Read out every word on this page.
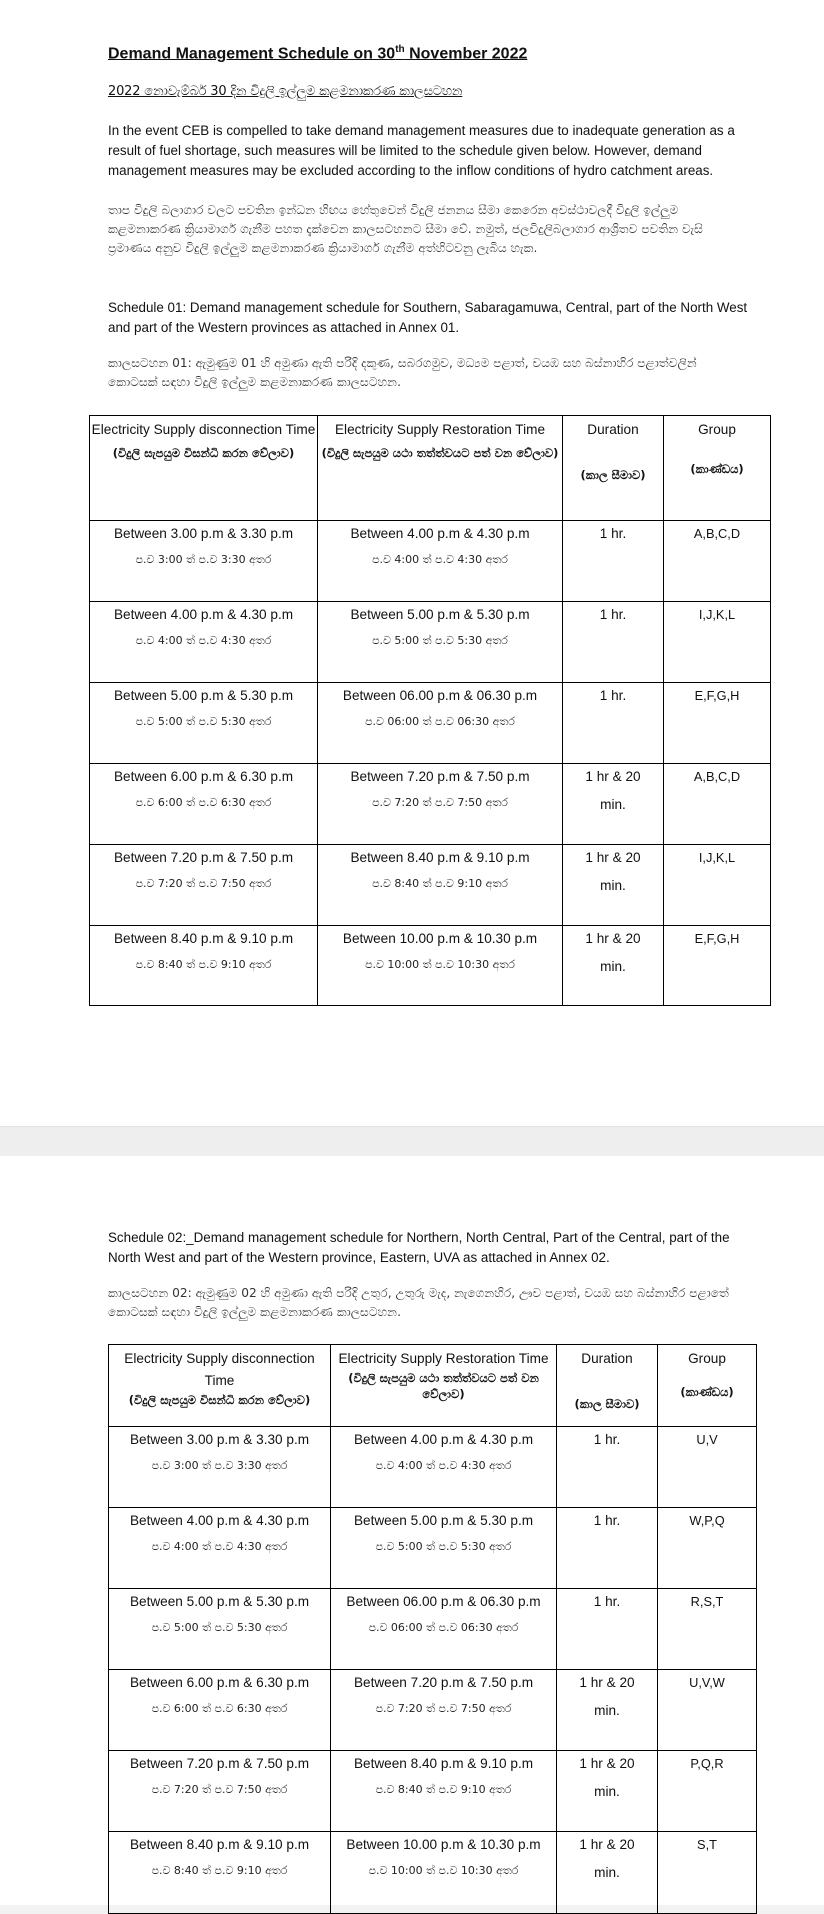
Demand Management Schedule on 30th November 2022
2022 නොවැම්බර් 30 දින විදුලි ඉල්ලුම කළමනාකරණ කාලසටහන

In the event CEB is compelled to take demand management measures due to inadequate generation as a result of fuel shortage, such measures will be limited to the schedule given below. However, demand management measures may be excluded according to the inflow conditions of hydro catchment areas.

තාප විදුලි බලාගාර වලට පවතින ඉන්ධන හිඟය හේතුවෙන් විදුලි ජනනය සීමා කෙරෙන අවස්ථාවලදී විදුලි ඉල්ලුම කළමනාකරණ ක්‍රියාමාර්ග ගැනීම පහත දැක්වෙන කාලසටහනට සීමා වේ. නමුත්, ජලවිදුලිබලාගාර ආශ්‍රිතව පවතින වැසි ප්‍රමාණය අනුව විදුලි ඉල්ලුම කළමනාකරණ ක්‍රියාමාර්ග ගැනීම අත්හිටවනු ලැබිය හැක.

Schedule 01: Demand management schedule for Southern, Sabaragamuwa, Central, part of the North West and part of the Western provinces as attached in Annex 01.

කාලසටහන 01: ඇමුණුම 01 හි අමුණා ඇති පරිදි දකුණ, සබරගමුව, මධ්‍යම පළාත්, වයඹ සහ බස්නාහිර පළාත්වලින් කොටසක් සඳහා විදුලි ඉල්ලුම කළමනාකරණ කාලසටහන.

Electricity Supply disconnection Time
(විදුලි සැපයුම විසන්ධි කරන වේලාව)	Electricity Supply Restoration Time
(විදුලි සැපයුම යථා තත්ත්වයට පත් වන වේලාව)	Duration
(කාල සීමාව)	Group
(කාණ්ඩය)

Between 3.00 p.m & 3.30 p.m
ප.ව 3:00 ත් ප.ව 3:30 අතර	Between 4.00 p.m & 4.30 p.m
ප.ව 4:00 ත් ප.ව 4:30 අතර	1 hr.	A,B,C,D

Between 4.00 p.m & 4.30 p.m
ප.ව 4:00 ත් ප.ව 4:30 අතර	Between 5.00 p.m & 5.30 p.m
ප.ව 5:00 ත් ප.ව 5:30 අතර	1 hr.	I,J,K,L

Between 5.00 p.m & 5.30 p.m
ප.ව 5:00 ත් ප.ව 5:30 අතර	Between 06.00 p.m & 06.30 p.m
ප.ව 06:00 ත් ප.ව 06:30 අතර	1 hr.	E,F,G,H

Between 6.00 p.m & 6.30 p.m
ප.ව 6:00 ත් ප.ව 6:30 අතර	Between 7.20 p.m & 7.50 p.m
ප.ව 7:20 ත් ප.ව 7:50 අතර	1 hr & 20
min.	A,B,C,D

Between 7.20 p.m & 7.50 p.m
ප.ව 7:20 ත් ප.ව 7:50 අතර	Between 8.40 p.m & 9.10 p.m
ප.ව 8:40 ත් ප.ව 9:10 අතර	1 hr & 20
min.	I,J,K,L

Between 8.40 p.m & 9.10 p.m
ප.ව 8:40 ත් ප.ව 9:10 අතර	Between 10.00 p.m & 10.30 p.m
ප.ව 10:00 ත් ප.ව 10:30 අතර	1 hr & 20
min.	E,F,G,H

Schedule 02:_Demand management schedule for Northern, North Central, Part of the Central, part of the North West and part of the Western province, Eastern, UVA as attached in Annex 02.

කාලසටහන 02: ඇමුණුම 02 හි අමුණා ඇති පරිදි උතුර, උතුරු මැද, නැගෙනහිර, ඌව පළාත්, වයඹ සහ බස්නාහිර පළාතේ කොටසක් සඳහා විදුලි ඉල්ලුම කළමනාකරණ කාලසටහන.

Electricity Supply disconnection Time
(විදුලි සැපයුම විසන්ධි කරන වේලාව)	Electricity Supply Restoration Time
(විදුලි සැපයුම යථා තත්ත්වයට පත් වන වේලාව)	Duration
(කාල සීමාව)	Group
(කාණ්ඩය)

Between 3.00 p.m & 3.30 p.m
ප.ව 3:00 ත් ප.ව 3:30 අතර	Between 4.00 p.m & 4.30 p.m
ප.ව 4:00 ත් ප.ව 4:30 අතර	1 hr.	U,V

Between 4.00 p.m & 4.30 p.m
ප.ව 4:00 ත් ප.ව 4:30 අතර	Between 5.00 p.m & 5.30 p.m
ප.ව 5:00 ත් ප.ව 5:30 අතර	1 hr.	W,P,Q

Between 5.00 p.m & 5.30 p.m
ප.ව 5:00 ත් ප.ව 5:30 අතර	Between 06.00 p.m & 06.30 p.m
ප.ව 06:00 ත් ප.ව 06:30 අතර	1 hr.	R,S,T

Between 6.00 p.m & 6.30 p.m
ප.ව 6:00 ත් ප.ව 6:30 අතර	Between 7.20 p.m & 7.50 p.m
ප.ව 7:20 ත් ප.ව 7:50 අතර	1 hr & 20
min.	U,V,W

Between 7.20 p.m & 7.50 p.m
ප.ව 7:20 ත් ප.ව 7:50 අතර	Between 8.40 p.m & 9.10 p.m
ප.ව 8:40 ත් ප.ව 9:10 අතර	1 hr & 20
min.	P,Q,R

Between 8.40 p.m & 9.10 p.m
ප.ව 8:40 ත් ප.ව 9:10 අතර	Between 10.00 p.m & 10.30 p.m
ප.ව 10:00 ත් ප.ව 10:30 අතර	1 hr & 20
min.	S,T
